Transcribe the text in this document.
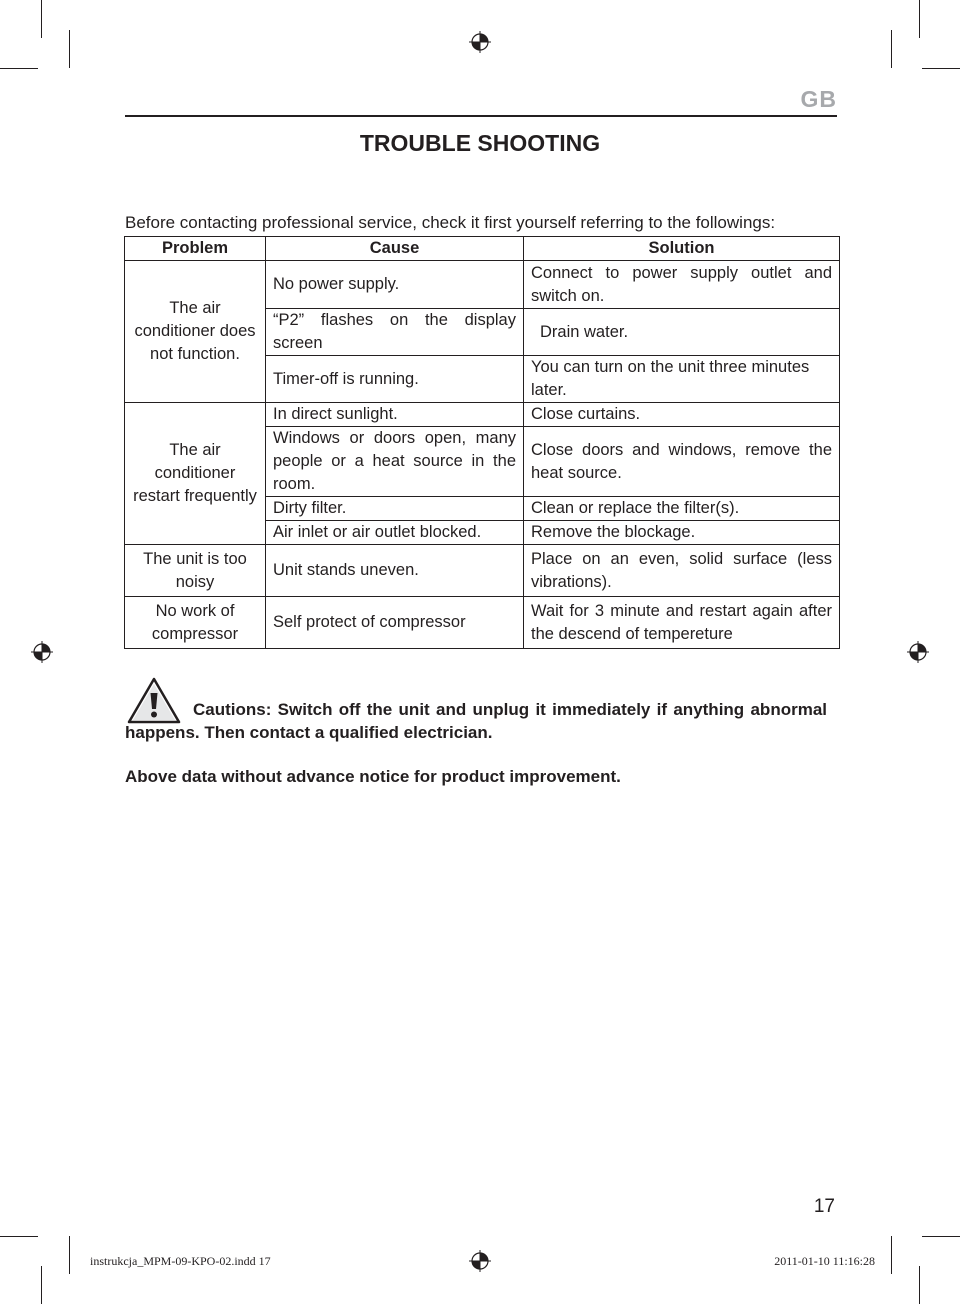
GB
TROUBLE SHOOTING
Before contacting professional service, check it first yourself referring to the followings:
Problem	Cause	Solution
The air conditioner does not function.	No power supply.	Connect to power supply outlet and switch on.
	“P2” flashes on the display screen	Drain water.
	Timer-off is running.	You can turn on the unit three minutes later.
The air conditioner restart frequently	In direct sunlight.	Close curtains.
	Windows or doors open, many people or a heat source in the room.	Close doors and windows, remove the heat source.
	Dirty filter.	Clean or replace the filter(s).
	Air inlet or air outlet blocked.	Remove the blockage.
The unit is too noisy	Unit stands uneven.	Place on an even, solid surface (less vibrations).
No work of compressor	Self protect of compressor	Wait for 3 minute and restart again after the descend of tempereture
Cautions: Switch off the unit and unplug it immediately if anything abnormal happens. Then contact a qualified electrician.
Above data without advance notice for product improvement.
17
instrukcja_MPM-09-KPO-02.indd 17	2011-01-10 11:16:28
